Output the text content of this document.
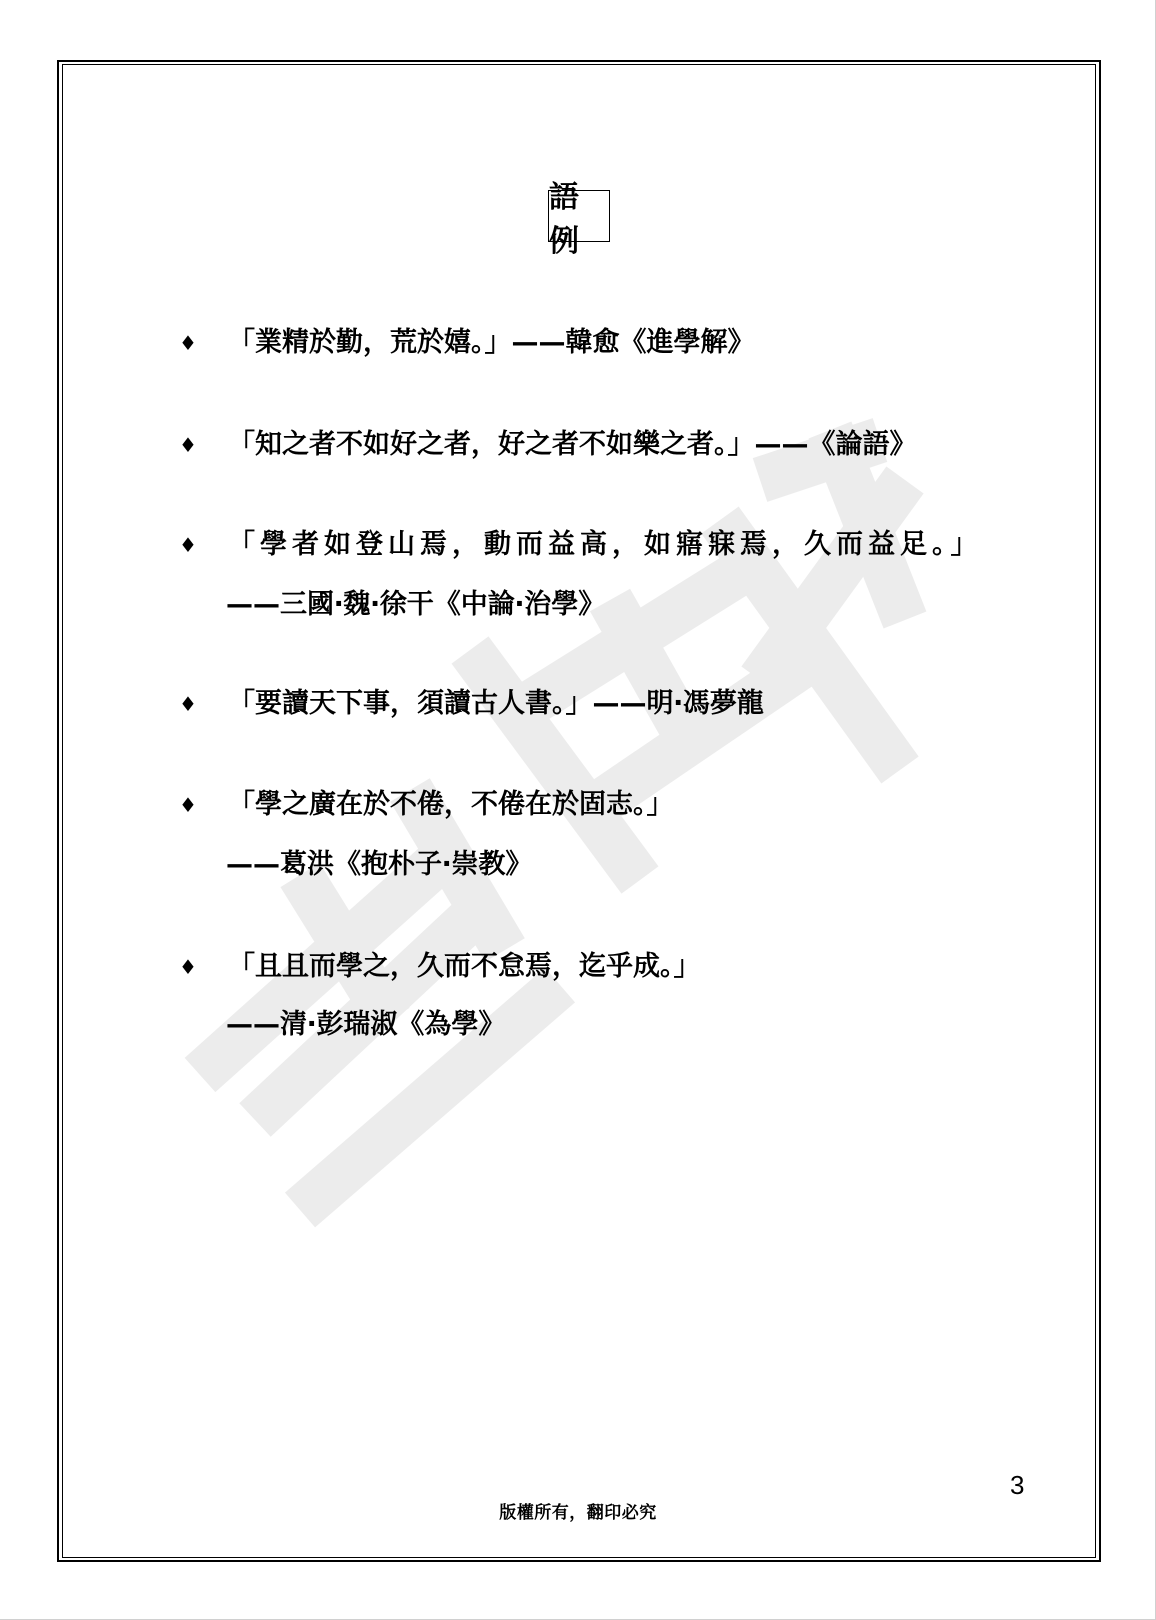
語例
♦ 「業精於勤，荒於嬉。」——韓愈《進學解》
♦ 「知之者不如好之者，好之者不如樂之者。」——《論語》
♦ 「學者如登山焉，動而益高，如寤寐焉，久而益足。」
——三國‧魏‧徐干《中論‧治學》
♦ 「要讀天下事，須讀古人書。」——明‧馮夢龍
♦ 「學之廣在於不倦，不倦在於固志。」
——葛洪《抱朴子‧崇教》
♦ 「且且而學之，久而不怠焉，迄乎成。」
——清‧彭瑞淑《為學》
3
版權所有，翻印必究
